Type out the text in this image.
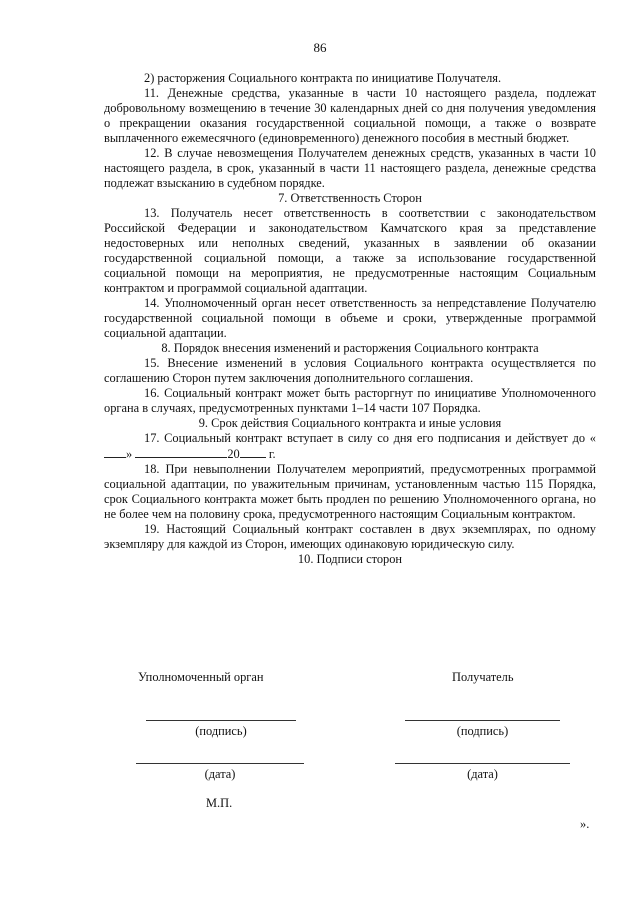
86

2) расторжения Социального контракта по инициативе Получателя.

11. Денежные средства, указанные в части 10 настоящего раздела, подлежат добровольному возмещению в течение 30 календарных дней со дня получения уведомления о прекращении оказания государственной социальной помощи, а также о возврате выплаченного ежемесячного (единовременного) денежного пособия в местный бюджет.

12. В случае невозмещения Получателем денежных средств, указанных в части 10 настоящего раздела, в срок, указанный в части 11 настоящего раздела, денежные средства подлежат взысканию в судебном порядке.

7. Ответственность Сторон

13. Получатель несет ответственность в соответствии с законодательством Российской Федерации и законодательством Камчатского края за представление недостоверных или неполных сведений, указанных в заявлении об оказании государственной социальной помощи, а также за использование государственной социальной помощи на мероприятия, не предусмотренные настоящим Социальным контрактом и программой социальной адаптации.

14. Уполномоченный орган несет ответственность за непредставление Получателю государственной социальной помощи в объеме и сроки, утвержденные программой социальной адаптации.

8. Порядок внесения изменений и расторжения Социального контракта

15. Внесение изменений в условия Социального контракта осуществляется по соглашению Сторон путем заключения дополнительного соглашения.

16. Социальный контракт может быть расторгнут по инициативе Уполномоченного органа в случаях, предусмотренных пунктами 1–14 части 107 Порядка.

9. Срок действия Социального контракта и иные условия

17. Социальный контракт вступает в силу со дня его подписания и действует до «»	20 г.

18. При невыполнении Получателем мероприятий, предусмотренных программой социальной адаптации, по уважительным причинам, установленным частью 115 Порядка, срок Социального контракта может быть продлен по решению Уполномоченного органа, но не более чем на половину срока, предусмотренного настоящим Социальным контрактом.

19. Настоящий Социальный контракт составлен в двух экземплярах, по одному экземпляру для каждой из Сторон, имеющих одинаковую юридическую силу.

10. Подписи сторон
Уполномоченный орган	Получатель
(подпись)	(подпись)
(дата)	(дата)
М.П.
».
